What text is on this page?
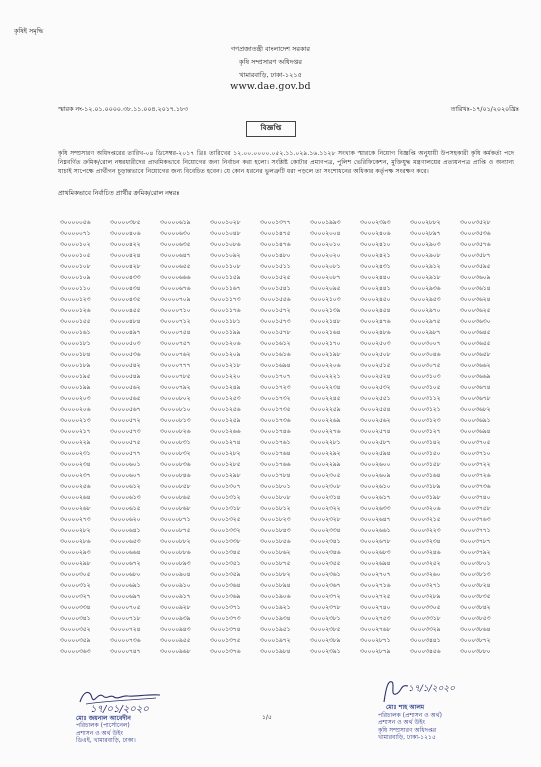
কৃষিই সমৃদ্ধি
গণপ্রজাতন্ত্রী বাংলাদেশ সরকার
কৃষি সম্প্রসারণ অধিদপ্তর
খামারবাড়ি, ঢাকা-১২১৫
www.dae.gov.bd
স্মারক নং-১২.০১.০০০০.৩৮.১১.০০৪.২০১৭.১৮৩	তারিখঃ-১৭/০১/২০২০খ্রিঃ
বিজ্ঞপ্তি
কৃষি সম্প্রসারণ অধিদপ্তরের তারিখ-০৪ ডিসেম্বর-২০১৭ খ্রিঃ তারিখের ১২.০০.০০০০.০৫২.১১.০২৯.১৬.১১২৮ সংখ্যক স্মারকে নিয়োগ বিজ্ঞপ্তি অনুযায়ী উপসহকারী কৃষি কর্মকর্তা পদে নিম্নবর্ণিত ক্রমিক/রোল নম্বরধারীদের প্রাথমিকভাবে নিয়োগের জন্য নির্বাচন করা হলো। সংশ্লিষ্ট কোটার প্রমাণপত্র, পুলিশ ভেরিফিকেশন, মুক্তিযুদ্ধ মন্ত্রণালয়ের প্রত্যয়নপত্র প্রাপ্তি ও অন্যান্য যাচাই সাপেক্ষে প্রার্থীগন চূড়ান্তভাবে নিয়োগের জন্য বিবেচিত হবেন। যে কোন ধরনের ভুলত্রুটি ধরা পড়লে তা সংশোধনের অধিকার কর্তৃপক্ষ সংরক্ষণ করে।
প্রাথমিকভাবে নির্বাচিত প্রার্থীর ক্রমিক/রোল নম্বরঃ
৩০০০০০৫৬	৩০০০০৩৮৫	৩০০০০৬১৯	৩০০০১০২৮	৩০০০১৩৭৭	৩০০০১৯৯৩	৩০০০২৩৯৩	৩০০০২৮৮২	৩০০০৩৫২৮
৩০০০০০৭১	৩০০০০৪০৬	৩০০০০৬৩০	৩০০০১০৪৮	৩০০০১৪৭৫	৩০০০২০০৪	৩০০০২৪০৬	৩০০০২৮৯৭	৩০০০৩৫৩৬
৩০০০০১০২	৩০০০০৪২২	৩০০০০৬৩৫	৩০০০১০৮৬	৩০০০১৪৭৬	৩০০০২০১০	৩০০০২৪১০	৩০০০২৯০৩	৩০০০৩৫৭৬
৩০০০০১০৫	৩০০০০৪২৪	৩০০০০৬৪৭	৩০০০১০৯২	৩০০০১৪৮০	৩০০০২০২০	৩০০০২৪২১	৩০০০২৯০৮	৩০০০৩৫৮৭
৩০০০০১০৮	৩০০০০৪২৮	৩০০০০৬৫৫	৩০০০১১০৮	৩০০০১৫১১	৩০০০২০৮১	৩০০০২৪৩১	৩০০০২৯১২	৩০০০৩৫৯৫
৩০০০০১০৯	৩০০০০৪৩৩	৩০০০০৬৬৬	৩০০০১১৫৯	৩০০০১৫২৫	৩০০০২০৮৭	৩০০০২৪৪০	৩০০০২৯১৮	৩০০০৩৬০৯
৩০০০০১১০	৩০০০০৪৩৪	৩০০০০৬৭৬	৩০০০১১৬৭	৩০০০১৫৪১	৩০০০২০৯৫	৩০০০২৪৪১	৩০০০২৯৩৬	৩০০০৩৬১৪
৩০০০০১২৩	৩০০০০৪৩৫	৩০০০০৭০৯	৩০০০১১৭৩	৩০০০১৫৫৬	৩০০০২১০৩	৩০০০২৪৫০	৩০০০২৯৫৩	৩০০০৩৬২৪
৩০০০০১২৬	৩০০০০৪৫৫	৩০০০০৭১০	৩০০০১১৭৬	৩০০০১৫৭২	৩০০০২১৩৯	৩০০০২৪৫৪	৩০০০২৯৭০	৩০০০৩৬২৫
৩০০০০১৫৫	৩০০০০৪৮৪	৩০০০০৭১২	৩০০০১১৮১	৩০০০১৫৭৩	৩০০০২১৪৮	৩০০০২৪৭৬	৩০০০২৯৭৫	৩০০০৩৬৩০
৩০০০০১৬১	৩০০০০৪৯৭	৩০০০০৭৫৪	৩০০০১১৯৯	৩০০০১৫৭৮	৩০০০২১৬৪	৩০০০২৪৮৬	৩০০০২৯৮৭	৩০০০৩৬৪৫
৩০০০০১৮১	৩০০০০৫০৩	৩০০০০৭৫৭	৩০০০১২০৬	৩০০০১৬১২	৩০০০২১৭০	৩০০০২৫০৩	৩০০০৩০০৭	৩০০০৩৬৫৫
৩০০০০১৮৪	৩০০০০৫৩৬	৩০০০০৭৬২	৩০০০১২০৯	৩০০০১৬১৬	৩০০০২১৯৮	৩০০০২৫০৮	৩০০০৩০৪৬	৩০০০৩৬৫৮
৩০০০০১৮৯	৩০০০০৫৪২	৩০০০০৭৭৭	৩০০০১২১৮	৩০০০১৬৯৪	৩০০০২২০৬	৩০০০২৫১৫	৩০০০৩০৭৫	৩০০০৩৬৬২
৩০০০০১৯৫	৩০০০০৫৪৯	৩০০০০৭৮৫	৩০০০১২২০	৩০০০১৭০৭	৩০০০২২২১	৩০০০২৫২৪	৩০০০৩১০৩	৩০০০৩৬৬৯
৩০০০০১৯৯	৩০০০০৫৬২	৩০০০০৭৯২	৩০০০১২৪৯	৩০০০১৭২৩	৩০০০২২৩৪	৩০০০২৫৩২	৩০০০৩১০৫	৩০০০৩৬৭৪
৩০০০০২০৩	৩০০০০৫৬৫	৩০০০০৮০২	৩০০০১২৫৩	৩০০০১৭৩২	৩০০০২২৪৫	৩০০০২৫৫১	৩০০০৩১১২	৩০০০৩৬৭৮
৩০০০০২০৬	৩০০০০৫৬৭	৩০০০০৮১০	৩০০০১২৫৬	৩০০০১৭৩৫	৩০০০২২৫৯	৩০০০২৫৫৪	৩০০০৩১২১	৩০০০৩৬৮২
৩০০০০২১৩	৩০০০০৫৭২	৩০০০০৮১৩	৩০০০১২৫৯	৩০০০১৭৩৬	৩০০০২২৬৯	৩০০০২৫৬২	৩০০০৩১২৩	৩০০০৩৬৯১
৩০০০০২১৭	৩০০০০৫৭৩	৩০০০০৮২৬	৩০০০১২৬৬	৩০০০১৭৪৬	৩০০০২২৭৬	৩০০০২৫৭৪	৩০০০৩১২৭	৩০০০৩৬৯৪
৩০০০০২২৯	৩০০০০৫৭৫	৩০০০০৮৩১	৩০০০১২৭৪	৩০০০১৭৬১	৩০০০২২৮১	৩০০০২৫৮৭	৩০০০৩১৪২	৩০০০৩৭০৫
৩০০০০২৩১	৩০০০০৫৭৭	৩০০০০৮৩২	৩০০০১২৮২	৩০০০১৭৬৪	৩০০০২২৯২	৩০০০২৫৯৪	৩০০০৩১৫০	৩০০০৩৭১০
৩০০০০২৩৪	৩০০০০৬০১	৩০০০০৮৩৬	৩০০০১২৮৫	৩০০০১৭৬৬	৩০০০২২৯৯	৩০০০২৬০০	৩০০০৩১৫৮	৩০০০৩৭২২
৩০০০০২৩৭	৩০০০০৬০৭	৩০০০০৮৪৬	৩০০০১২৯৮	৩০০০১৭৮৪	৩০০০২৩০৫	৩০০০২৬০৯	৩০০০৩১৬৪	৩০০০৩৭২৬
৩০০০০২৫৬	৩০০০০৬১২	৩০০০০৮৫৮	৩০০০১৩০৭	৩০০০১৮০১	৩০০০২৩০৮	৩০০০২৬১০	৩০০০৩১৮৯	৩০০০৩৭৩৬
৩০০০০২৬৪	৩০০০০৬১৩	৩০০০০৮৬৫	৩০০০১৩১২	৩০০০১৮০৮	৩০০০২৩১৪	৩০০০২৬১৭	৩০০০৩১৯৮	৩০০০৩৭৪০
৩০০০০২৬৮	৩০০০০৬১৫	৩০০০০৮৬৮	৩০০০১৩১৮	৩০০০১৮১২	৩০০০২৩২২	৩০০০২৬৩৩	৩০০০৩২০৬	৩০০০৩৭৫৮
৩০০০০২৭৩	৩০০০০৬২০	৩০০০০৮৭১	৩০০০১৩২৫	৩০০০১৮২৩	৩০০০২৩২৮	৩০০০২৬৪৭	৩০০০৩২১৫	৩০০০৩৭৬৩
৩০০০০২৮২	৩০০০০৬৪১	৩০০০০৮৭৫	৩০০০১৩৩২	৩০০০১৮৪৩	৩০০০২৩৩৪	৩০০০২৬৬১	৩০০০৩২২৩	৩০০০৩৭৭১
৩০০০০২৮৬	৩০০০০৬৫৩	৩০০০০৮৮২	৩০০০১৩৩৮	৩০০০১৮৫৬	৩০০০২৩৪১	৩০০০২৬৭৮	৩০০০৩২৩৪	৩০০০৩৭৮৭
৩০০০০২৯৩	৩০০০০৬৬৪	৩০০০০৮৮৬	৩০০০১৩৪৫	৩০০০১৮৬২	৩০০০২৩৪৬	৩০০০২৬৮৩	৩০০০৩২৪৬	৩০০০৩৭৯২
৩০০০০২৯৮	৩০০০০৬৭২	৩০০০০৮৯৩	৩০০০১৩৫১	৩০০০১৮৭৫	৩০০০২৩৫৫	৩০০০২৬৯৪	৩০০০৩২৫২	৩০০০৩৮০১
৩০০০০৩০৫	৩০০০০৬৮০	৩০০০০৯০৪	৩০০০১৩৫৯	৩০০০১৮৮২	৩০০০২৩৬১	৩০০০২৭০৭	৩০০০৩২৬০	৩০০০৩৮১৩
৩০০০০৩১২	৩০০০০৬৯১	৩০০০০৯১০	৩০০০১৩৬৪	৩০০০১৮৯৪	৩০০০২৩৬৭	৩০০০২৭১৬	৩০০০৩২৭১	৩০০০৩৮২৪
৩০০০০৩২৭	৩০০০০৬৯৭	৩০০০০৯১৭	৩০০০১৩৬৯	৩০০০১৯০৬	৩০০০২৩৭২	৩০০০২৭২৫	৩০০০৩২৮৯	৩০০০৩৮৩৫
৩০০০০৩৩৪	৩০০০০৭০৫	৩০০০০৯২৮	৩০০০১৩৭১	৩০০০১৯২১	৩০০০২৩৭৮	৩০০০২৭৪০	৩০০০৩৩০৫	৩০০০৩৮৪২
৩০০০০৩৪১	৩০০০০৭১৮	৩০০০০৯৩৯	৩০০০১৩৭৩	৩০০০১৯৩৪	৩০০০২৩৮১	৩০০০২৭৫৩	৩০০০৩৩১৮	৩০০০৩৮৫৩
৩০০০০৩৫২	৩০০০০৭২৪	৩০০০০৯৪৩	৩০০০১৩৭৪	৩০০০১৯৫১	৩০০০২৩৮৫	৩০০০২৭৬৮	৩০০০৩৩২৯	৩০০০৩৮৬৪
৩০০০০৩৫৯	৩০০০০৭৩৬	৩০০০০৯৫৫	৩০০০১৩৭৫	৩০০০১৯৭২	৩০০০২৩৮৯	৩০০০২৮৭১	৩০০০৩৪৪১	৩০০০৩৮৭২
৩০০০০৩৬৩	৩০০০০৭৪৭	৩০০০০৯৬৮	৩০০০১৩৭৬	৩০০০১৯৮৪	৩০০০২৩৯১	৩০০০২৮৭৯	৩০০০৩৪৫৬	৩০০০৩৮৮০
১/৫
১৭/০১/২০২০
মোঃ জয়নাল আবেদীন
পরিচালক (পার্সোনেল)
প্রশাসন ও অর্থ উইং
ডিএই, খামারবাড়ি, ঢাকা।
১৭/১/২০২০
মোঃ শাহ আলম
পরিচালক (প্রশাসন ও অর্থ)
প্রশাসন ও অর্থ উইং
কৃষি সম্প্রসারণ অধিদপ্তর
খামারবাড়ি, ঢাকা-১২১৫
